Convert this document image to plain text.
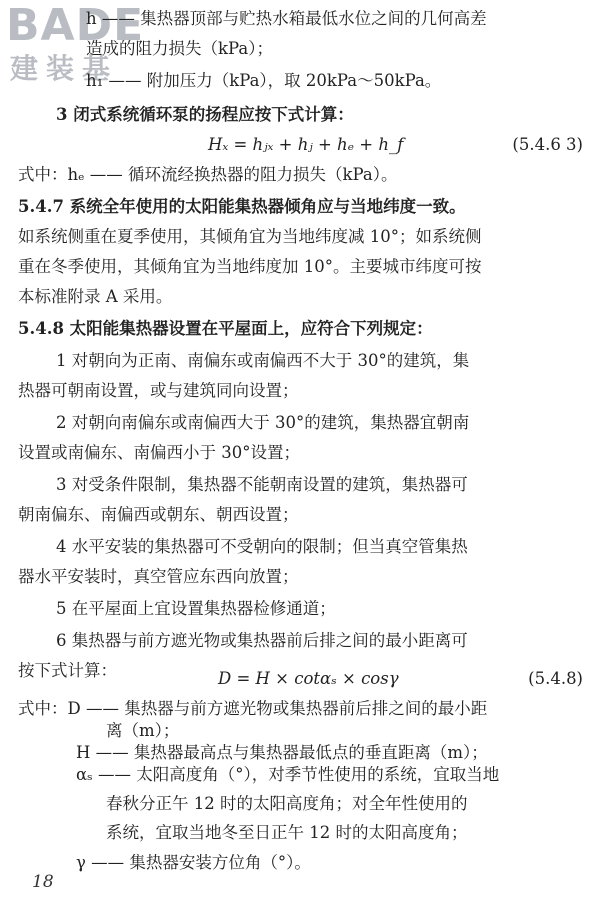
BADE
建装基
h —— 集热器顶部与贮热水箱最低水位之间的几何高差
造成的阻力损失（kPa）；
h₁ —— 附加压力（kPa），取 20kPa～50kPa。
3 闭式系统循环泵的扬程应按下式计算：
Hₓ = hⱼₓ + hⱼ + hₑ + h_f	(5.4.6 3)
式中：hₑ —— 循环流经换热器的阻力损失（kPa）。
5.4.7 系统全年使用的太阳能集热器倾角应与当地纬度一致。
如系统侧重在夏季使用，其倾角宜为当地纬度减 10°；如系统侧
重在冬季使用，其倾角宜为当地纬度加 10°。主要城市纬度可按
本标准附录 A 采用。
5.4.8 太阳能集热器设置在平屋面上，应符合下列规定：
1 对朝向为正南、南偏东或南偏西不大于 30°的建筑，集
热器可朝南设置，或与建筑同向设置；
2 对朝向南偏东或南偏西大于 30°的建筑，集热器宜朝南
设置或南偏东、南偏西小于 30°设置；
3 对受条件限制，集热器不能朝南设置的建筑，集热器可
朝南偏东、南偏西或朝东、朝西设置；
4 水平安装的集热器可不受朝向的限制；但当真空管集热
器水平安装时，真空管应东西向放置；
5 在平屋面上宜设置集热器检修通道；
6 集热器与前方遮光物或集热器前后排之间的最小距离可
按下式计算：	D = H × cotαₛ × cosγ	(5.4.8)
式中：D —— 集热器与前方遮光物或集热器前后排之间的最小距
离（m）；
H —— 集热器最高点与集热器最低点的垂直距离（m）；
αₛ —— 太阳高度角（°），对季节性使用的系统，宜取当地
春秋分正午 12 时的太阳高度角；对全年性使用的
系统，宜取当地冬至日正午 12 时的太阳高度角；
γ —— 集热器安装方位角（°）。
18
